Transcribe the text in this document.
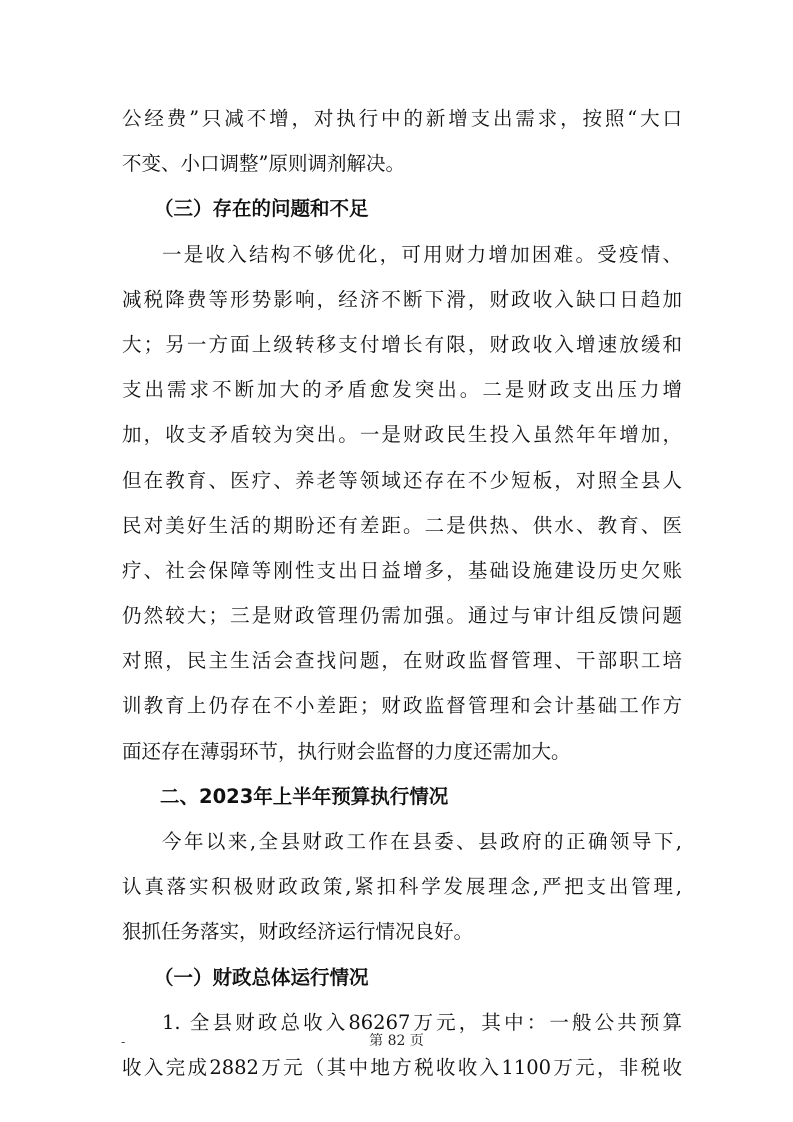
公经费”只减不增，对执行中的新增支出需求，按照“大口
不变、小口调整”原则调剂解决。
（三）存在的问题和不足
一是收入结构不够优化，可用财力增加困难。受疫情、
减税降费等形势影响，经济不断下滑，财政收入缺口日趋加
大；另一方面上级转移支付增长有限，财政收入增速放缓和
支出需求不断加大的矛盾愈发突出。二是财政支出压力增
加，收支矛盾较为突出。一是财政民生投入虽然年年增加，
但在教育、医疗、养老等领域还存在不少短板，对照全县人
民对美好生活的期盼还有差距。二是供热、供水、教育、医
疗、社会保障等刚性支出日益增多，基础设施建设历史欠账
仍然较大；三是财政管理仍需加强。通过与审计组反馈问题
对照，民主生活会查找问题，在财政监督管理、干部职工培
训教育上仍存在不小差距；财政监督管理和会计基础工作方
面还存在薄弱环节，执行财会监督的力度还需加大。
二、2023年上半年预算执行情况
今年以来,全县财政工作在县委、县政府的正确领导下,
认真落实积极财政政策,紧扣科学发展理念,严把支出管理,
狠抓任务落实，财政经济运行情况良好。
（一）财政总体运行情况
1. 全县财政总收入86267万元，其中：一般公共预算
收入完成2882万元（其中地方税收收入1100万元，非税收
-	第 82 页
